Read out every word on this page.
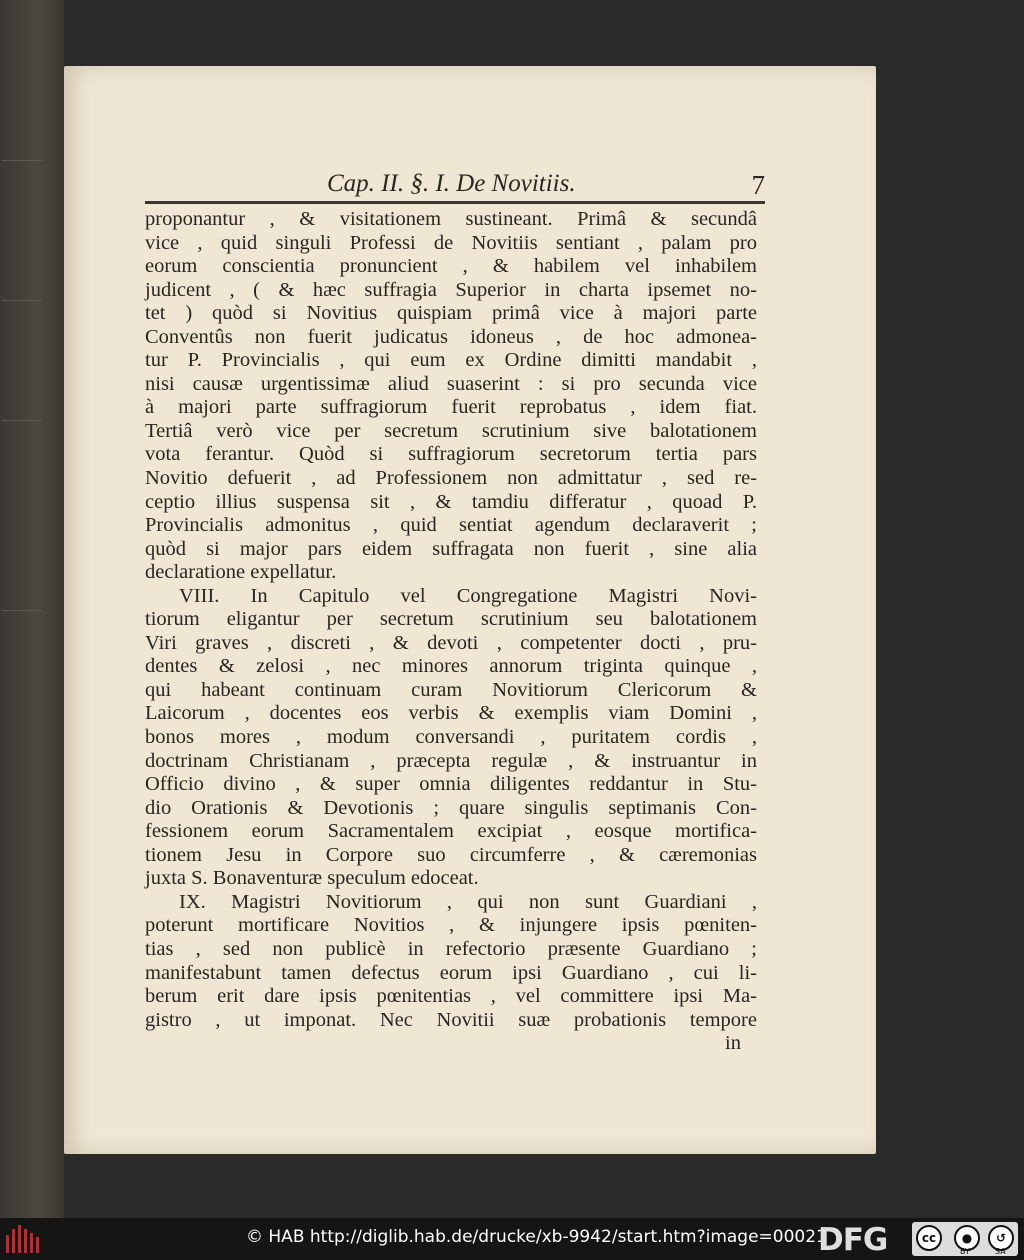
Cap. II. §. I. De Novitiis.	7
proponantur , & visitationem sustineant. Primâ & secundâ
vice , quid singuli Professi de Novitiis sentiant , palam pro
eorum conscientia pronuncient , & habilem vel inhabilem
judicent , ( & hæc suffragia Superior in charta ipsemet no-
tet ) quòd si Novitius quispiam primâ vice à majori parte
Conventûs non fuerit judicatus idoneus , de hoc admonea-
tur P. Provincialis , qui eum ex Ordine dimitti mandabit ,
nisi causæ urgentissimæ aliud suaserint : si pro secunda vice
à majori parte suffragiorum fuerit reprobatus , idem fiat.
Tertiâ verò vice per secretum scrutinium sive balotationem
vota ferantur. Quòd si suffragiorum secretorum tertia pars
Novitio defuerit , ad Professionem non admittatur , sed re-
ceptio illius suspensa sit , & tamdiu differatur , quoad P.
Provincialis admonitus , quid sentiat agendum declaraverit ;
quòd si major pars eidem suffragata non fuerit , sine alia
declaratione expellatur.
VIII. In Capitulo vel Congregatione Magistri Novi-
tiorum eligantur per secretum scrutinium seu balotationem
Viri graves , discreti , & devoti , competenter docti , pru-
dentes & zelosi , nec minores annorum triginta quinque ,
qui habeant continuam curam Novitiorum Clericorum &
Laicorum , docentes eos verbis & exemplis viam Domini ,
bonos mores , modum conversandi , puritatem cordis ,
doctrinam Christianam , præcepta regulæ , & instruantur in
Officio divino , & super omnia diligentes reddantur in Stu-
dio Orationis & Devotionis ; quare singulis septimanis Con-
fessionem eorum Sacramentalem excipiat , eosque mortifica-
tionem Jesu in Corpore suo circumferre , & cæremonias
juxta S. Bonaventuræ speculum edoceat.
IX. Magistri Novitiorum , qui non sunt Guardiani ,
poterunt mortificare Novitios , & injungere ipsis pœniten-
tias , sed non publicè in refectorio præsente Guardiano ;
manifestabunt tamen defectus eorum ipsi Guardiano , cui li-
berum erit dare ipsis pœnitentias , vel committere ipsi Ma-
gistro , ut imponat. Nec Novitii suæ probationis tempore
in
© HAB http://diglib.hab.de/drucke/xb-9942/start.htm?image=00021
DFG	cc	●	↺
BY	SA
